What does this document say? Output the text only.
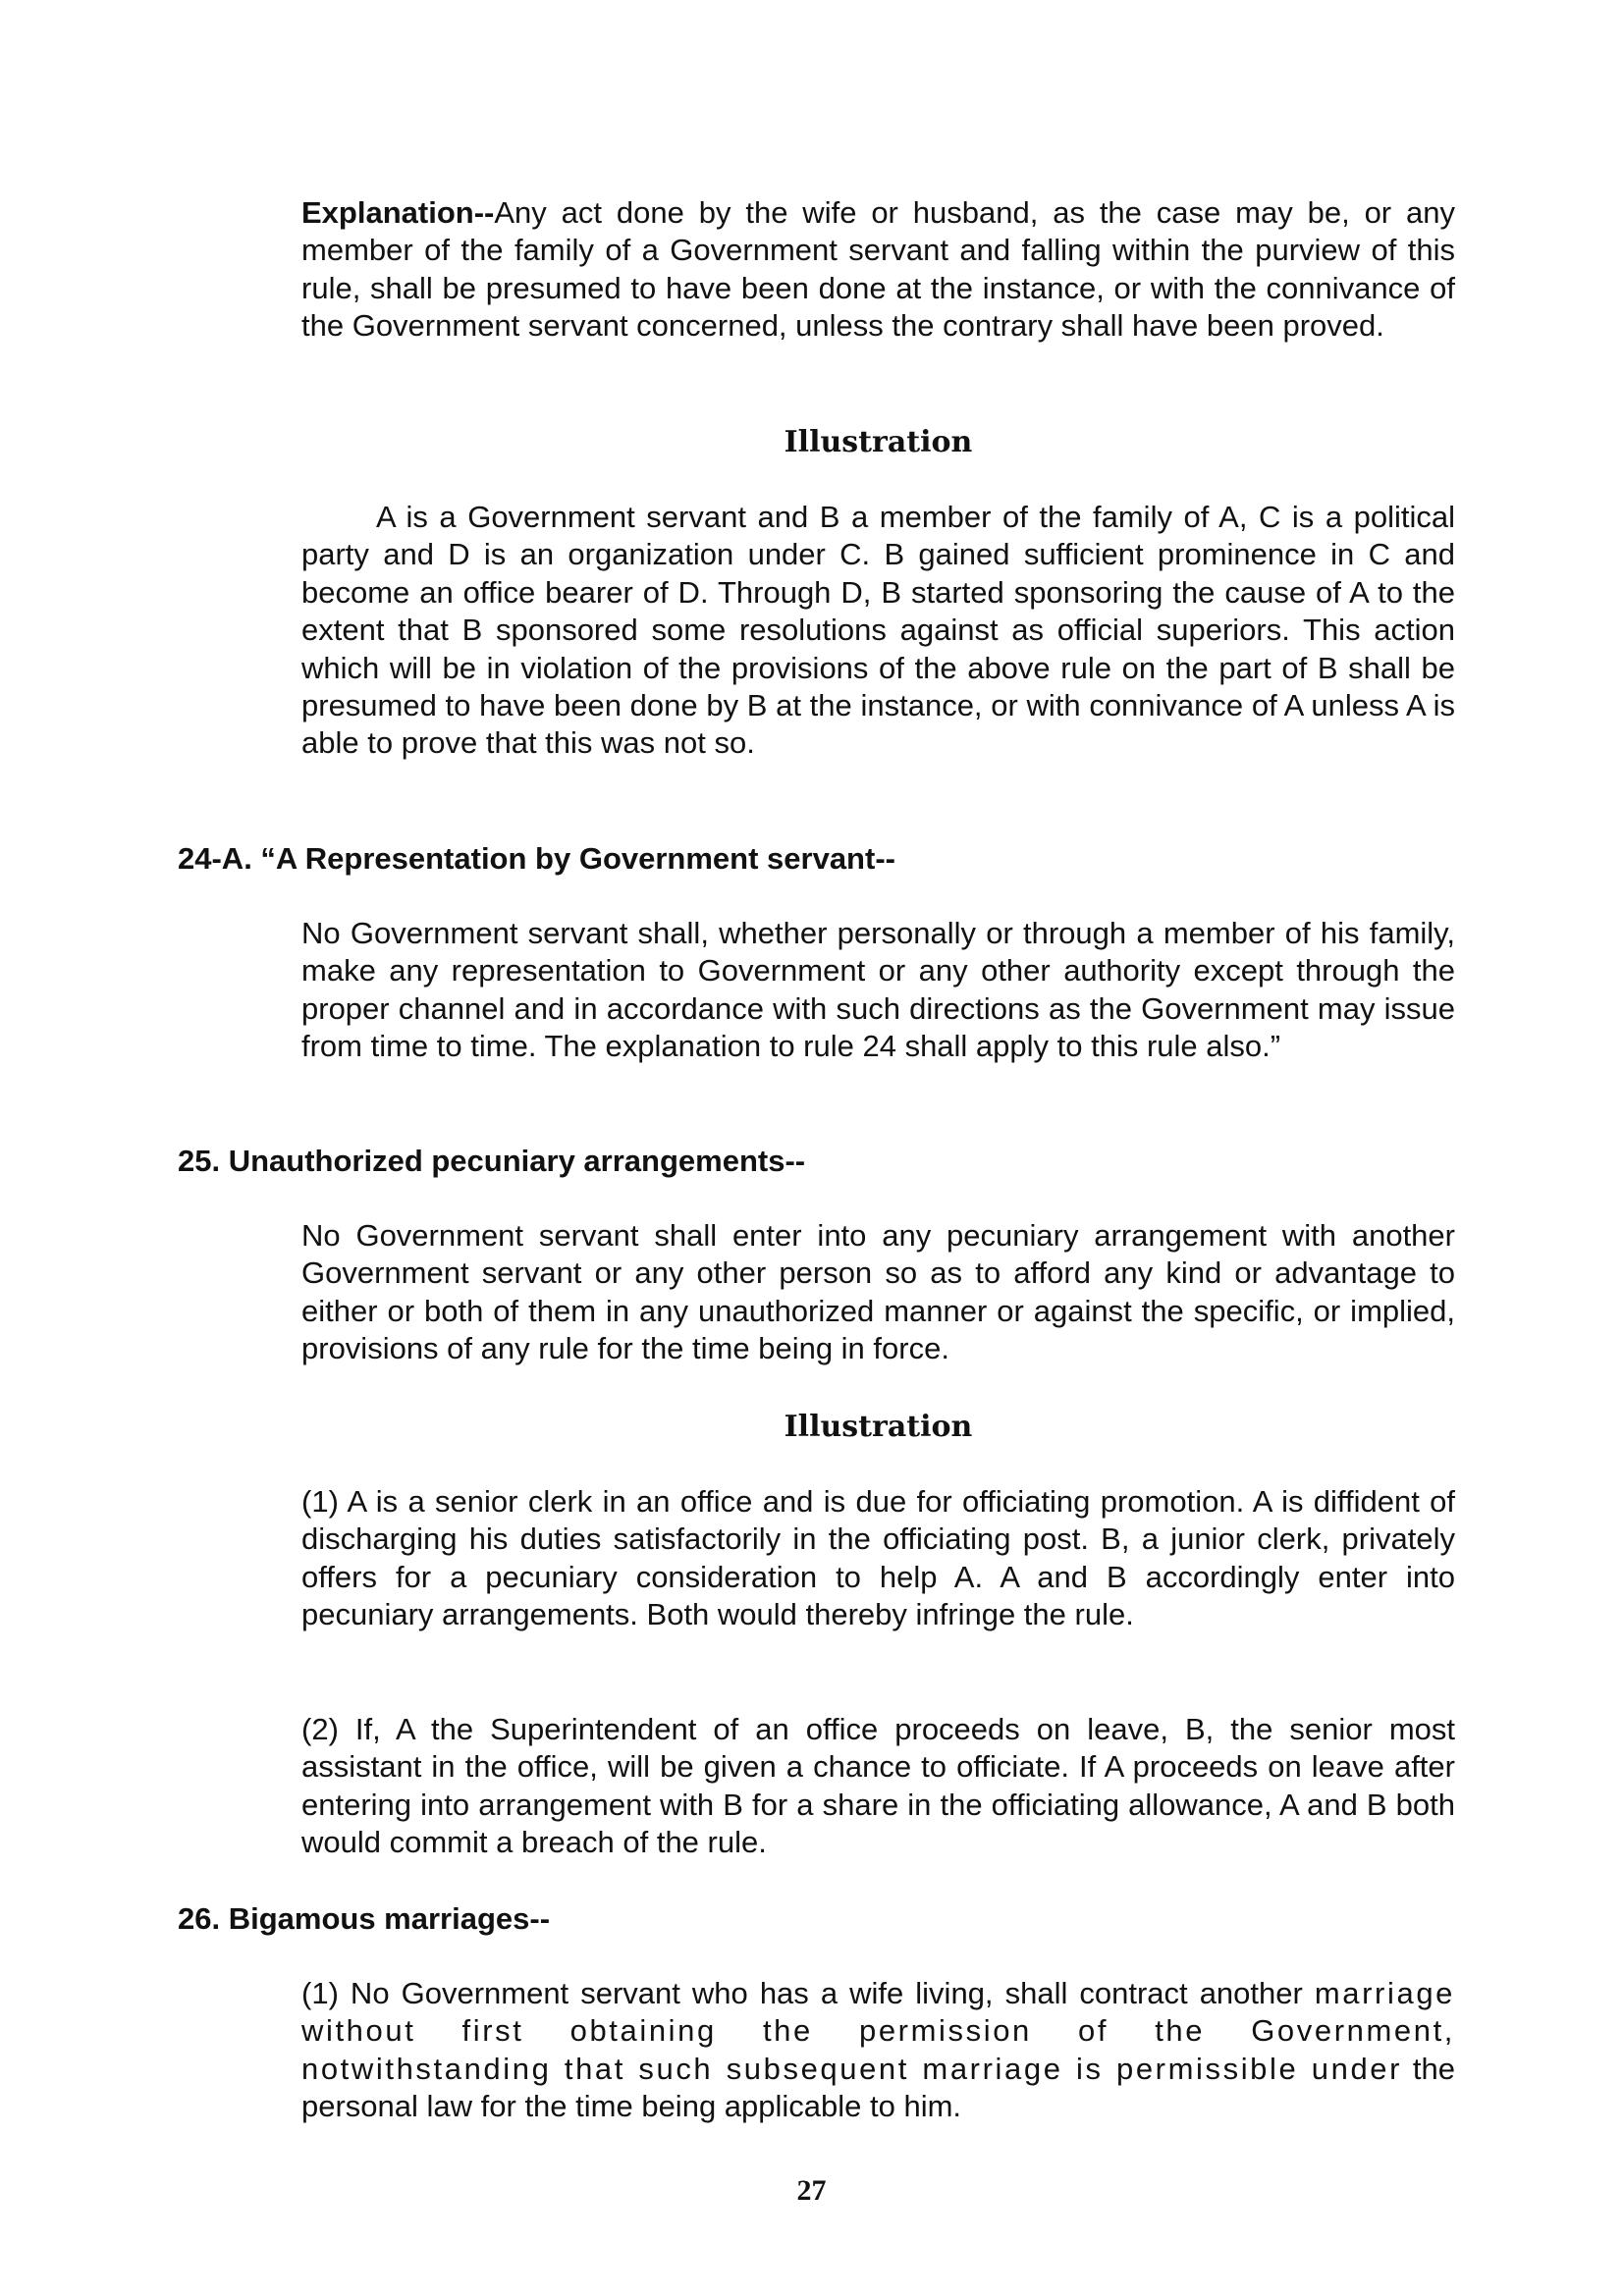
Explanation--Any act done by the wife or husband, as the case may be, or any member of the family of a Government servant and falling within the purview of this rule, shall be presumed to have been done at the instance, or with the connivance of the Government servant concerned, unless the contrary shall have been proved.

Illustration

A is a Government servant and B a member of the family of A, C is a political party and D is an organization under C. B gained sufficient prominence in C and become an office bearer of D. Through D, B started sponsoring the cause of A to the extent that B sponsored some resolutions against as official superiors. This action which will be in violation of the provisions of the above rule on the part of B shall be presumed to have been done by B at the instance, or with connivance of A unless A is able to prove that this was not so.

24-A. “A Representation by Government servant--

No Government servant shall, whether personally or through a member of his family, make any representation to Government or any other authority except through the proper channel and in accordance with such directions as the Government may issue from time to time. The explanation to rule 24 shall apply to this rule also.”

25. Unauthorized pecuniary arrangements--

No Government servant shall enter into any pecuniary arrangement with another Government servant or any other person so as to afford any kind or advantage to either or both of them in any unauthorized manner or against the specific, or implied, provisions of any rule for the time being in force.

Illustration

(1) A is a senior clerk in an office and is due for officiating promotion. A is diffident of discharging his duties satisfactorily in the officiating post. B, a junior clerk, privately offers for a pecuniary consideration to help A. A and B accordingly enter into pecuniary arrangements. Both would thereby infringe the rule.

(2) If, A the Superintendent of an office proceeds on leave, B, the senior most assistant in the office, will be given a chance to officiate. If A proceeds on leave after entering into arrangement with B for a share in the officiating allowance, A and B both would commit a breach of the rule.

26. Bigamous marriages--

(1) No Government servant who has a wife living, shall contract another marriage without first obtaining the permission of the Government, notwithstanding that such subsequent marriage is permissible under the personal law for the time being applicable to him.

27
